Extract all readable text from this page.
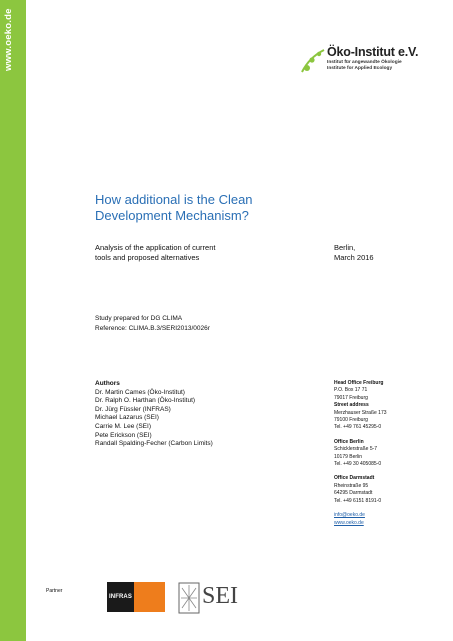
www.oeko.de	Öko-Institut e.V.
Institut für angewandte Ökologie
Institute for Applied Ecology
How additional is the Clean
Development Mechanism?
Analysis of the application of current
tools and proposed alternatives
Berlin,
March 2016
Study prepared for DG CLIMA
Reference: CLIMA.B.3/SERI2013/0026r
Authors
Dr. Martin Cames (Öko-Institut)
Dr. Ralph O. Harthan (Öko-Institut)
Dr. Jürg Füssler (INFRAS)
Michael Lazarus (SEI)
Carrie M. Lee (SEI)
Pete Erickson (SEI)
Randall Spalding-Fecher (Carbon Limits)
Head Office Freiburg
P.O. Box 17 71
79017 Freiburg
Street address
Merzhauser Straße 173
79100 Freiburg
Tel. +49 761 45295-0
Office Berlin
Schicklerstraße 5-7
10179 Berlin
Tel. +49 30 405085-0
Office Darmstadt
Rheinstraße 95
64295 Darmstadt
Tel. +49 6151 8191-0
info@oeko.de
www.oeko.de
Partner
INFRAS	SEI
